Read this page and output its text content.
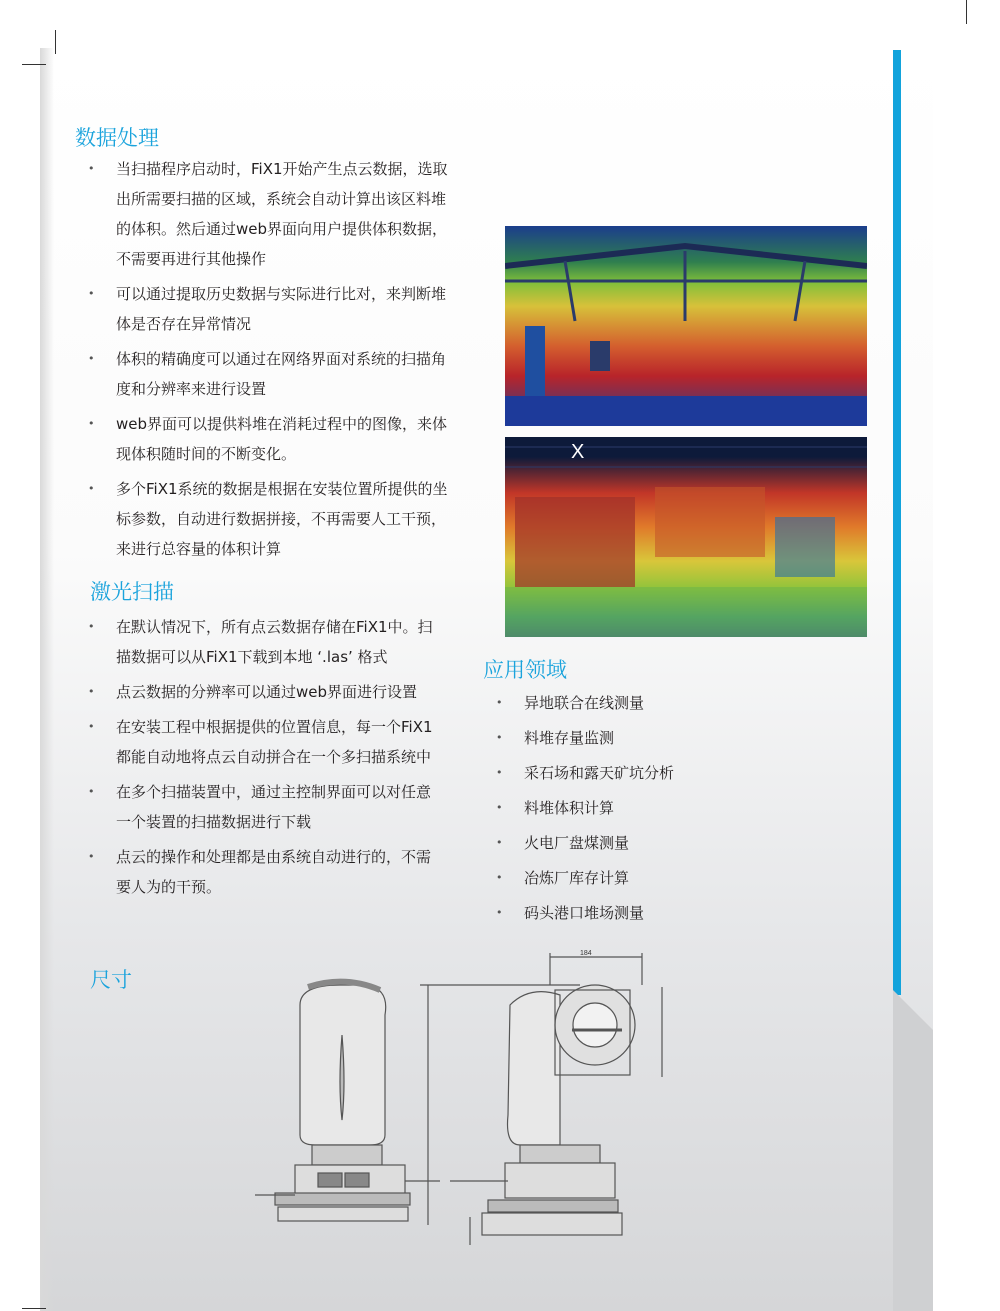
数据处理
• 当扫描程序启动时，FiX1开始产生点云数据，选取
出所需要扫描的区域，系统会自动计算出该区料堆
的体积。然后通过web界面向用户提供体积数据，
不需要再进行其他操作
• 可以通过提取历史数据与实际进行比对，来判断堆
体是否存在异常情况
• 体积的精确度可以通过在网络界面对系统的扫描角
度和分辨率来进行设置
• web界面可以提供料堆在消耗过程中的图像，来体
现体积随时间的不断变化。
• 多个FiX1系统的数据是根据在安装位置所提供的坐
标参数，自动进行数据拼接，不再需要人工干预，
来进行总容量的体积计算
激光扫描
• 在默认情况下，所有点云数据存储在FiX1中。扫
描数据可以从FiX1下载到本地 ‘.las’ 格式
• 点云数据的分辨率可以通过web界面进行设置
• 在安装工程中根据提供的位置信息，每一个FiX1
都能自动地将点云自动拼合在一个多扫描系统中
• 在多个扫描装置中，通过主控制界面可以对任意
一个装置的扫描数据进行下载
• 点云的操作和处理都是由系统自动进行的，不需
要人为的干预。
应用领域
• 异地联合在线测量
• 料堆存量监测
• 采石场和露天矿坑分析
• 料堆体积计算
• 火电厂盘煤测量
• 冶炼厂库存计算
• 码头港口堆场测量
尺寸
X
184
